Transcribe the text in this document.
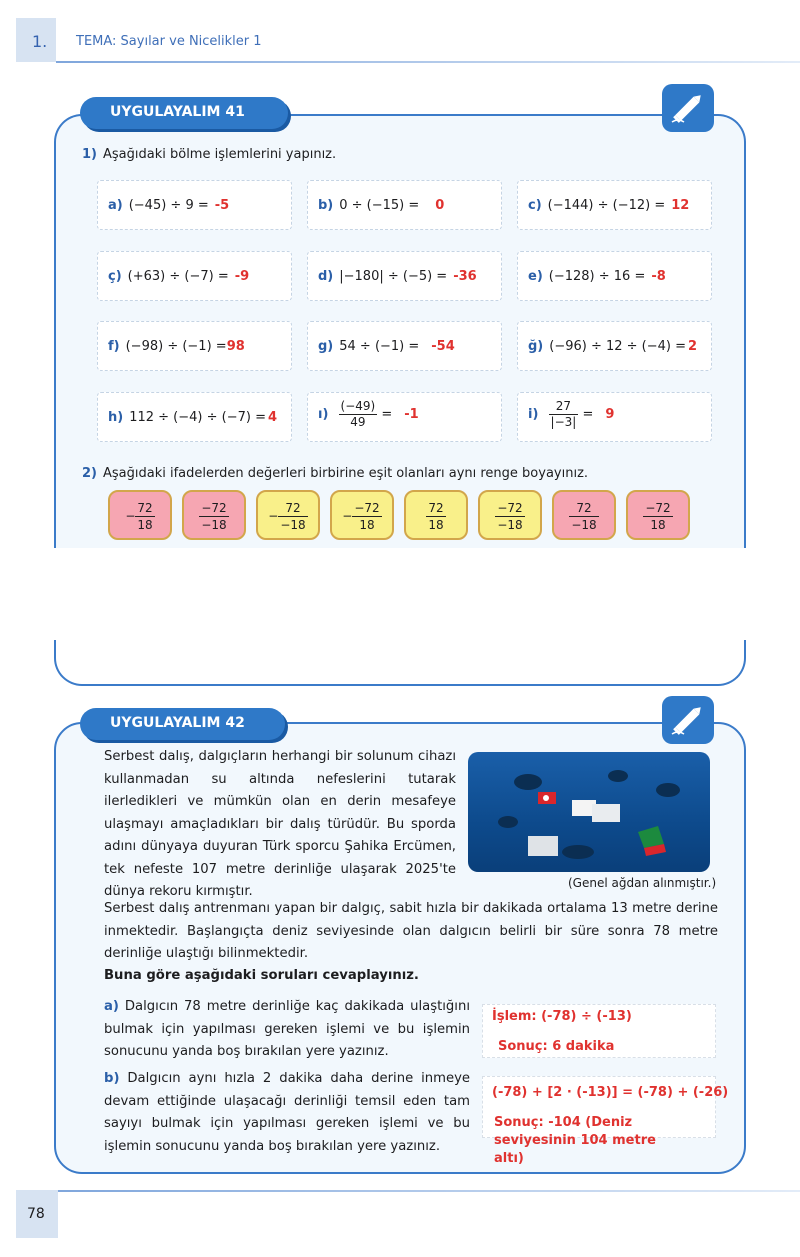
1.	TEMA: Sayılar ve Nicelikler 1
UYGULAYALIM 41
1) Aşağıdaki bölme işlemlerini yapınız.
a) (−45) ÷ 9 = -5	b) 0 ÷ (−15) = 0	c) (−144) ÷ (−12) = 12
ç) (+63) ÷ (−7) = -9	d) |−180| ÷ (−5) = -36	e) (−128) ÷ 16 = -8
f) (−98) ÷ (−1) =98	g) 54 ÷ (−1) = -54	ğ) (−96) ÷ 12 ÷ (−4) = 2
h) 112 ÷ (−4) ÷ (−7) = 4	ı) $\frac{(-49)}{49} = -1$	$i) \frac{27}{|-3|} = 9$
2) Aşağıdaki ifadelerden değerleri birbirine eşit olanları aynı renge boyayınız.
− $\frac{72}{18}$	$\frac{-72}{-18}$	− $\frac{72}{-18}$	− $\frac{-72}{18}$	$\frac{72}{18}$	$\frac{-72}{-18}$	$\frac{72}{-18}$	$\frac{-72}{18}$
UYGULAYALIM 42
Serbest dalış, dalgıçların herhangi bir solunum cihazı kullanmadan su altında nefeslerini tutarak ilerledikleri ve mümkün olan en derin mesafeye ulaşmayı amaçladıkları bir dalış türüdür. Bu sporda adını dünyaya duyuran Türk sporcu Şahika Ercümen, tek nefeste 107 metre derinliğe ulaşarak 2025'te dünya rekoru kırmıştır.
(Genel ağdan alınmıştır.)
Serbest dalış antrenmanı yapan bir dalgıç, sabit hızla bir dakikada ortalama 13 metre derine inmektedir. Başlangıçta deniz seviyesinde olan dalgıcın belirli bir süre sonra 78 metre derinliğe ulaştığı bilinmektedir.
Buna göre aşağıdaki soruları cevaplayınız.
a) Dalgıcın 78 metre derinliğe kaç dakikada ulaştığını bulmak için yapılması gereken işlemi ve bu işlemin sonucunu yanda boş bırakılan yere yazınız.
b) Dalgıcın aynı hızla 2 dakika daha derine inmeye devam ettiğinde ulaşacağı derinliği temsil eden tam sayıyı bulmak için yapılması gereken işlemi ve bu işlemin sonucunu yanda boş bırakılan yere yazınız.
İşlem: (-78) ÷ (-13)
Sonuç: 6 dakika
(-78) + [2 · (-13)] = (-78) + (-26)
Sonuç: -104 (Deniz seviyesinin 104 metre altı)
78
